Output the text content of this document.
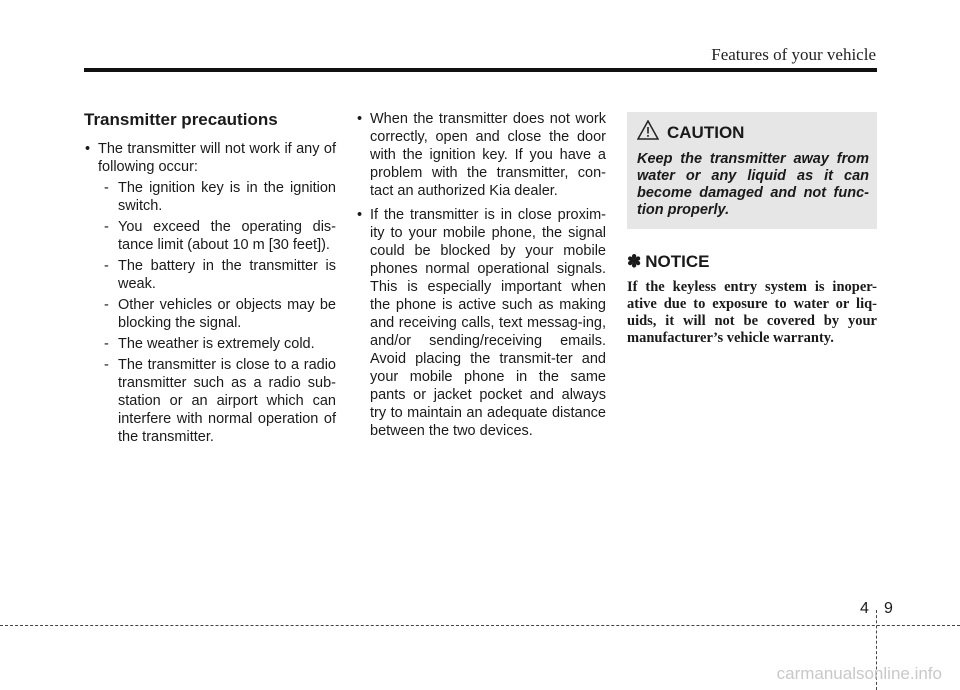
Features of your vehicle
Transmitter precautions
• The transmitter will not work if any of following occur:
- The ignition key is in the ignition switch.
- You exceed the operating dis-tance limit (about 10 m [30 feet]).
- The battery in the transmitter is weak.
- Other vehicles or objects may be blocking the signal.
- The weather is extremely cold.
- The transmitter is close to a radio transmitter such as a radio sub-station or an airport which can interfere with normal operation of the transmitter.
• When the transmitter does not work correctly, open and close the door with the ignition key. If you have a problem with the transmitter, con-tact an authorized Kia dealer.
• If the transmitter is in close proxim-ity to your mobile phone, the signal could be blocked by your mobile phones normal operational signals. This is especially important when the phone is active such as making and receiving calls, text messag-ing, and/or sending/receiving emails. Avoid placing the transmit-ter and your mobile phone in the same pants or jacket pocket and always try to maintain an adequate distance between the two devices.
CAUTION
Keep the transmitter away from water or any liquid as it can become damaged and not func-tion properly.
✽ NOTICE
If the keyless entry system is inoper-ative due to exposure to water or liq-uids, it will not be covered by your manufacturer’s vehicle warranty.
4 9
carmanualsonline.info
